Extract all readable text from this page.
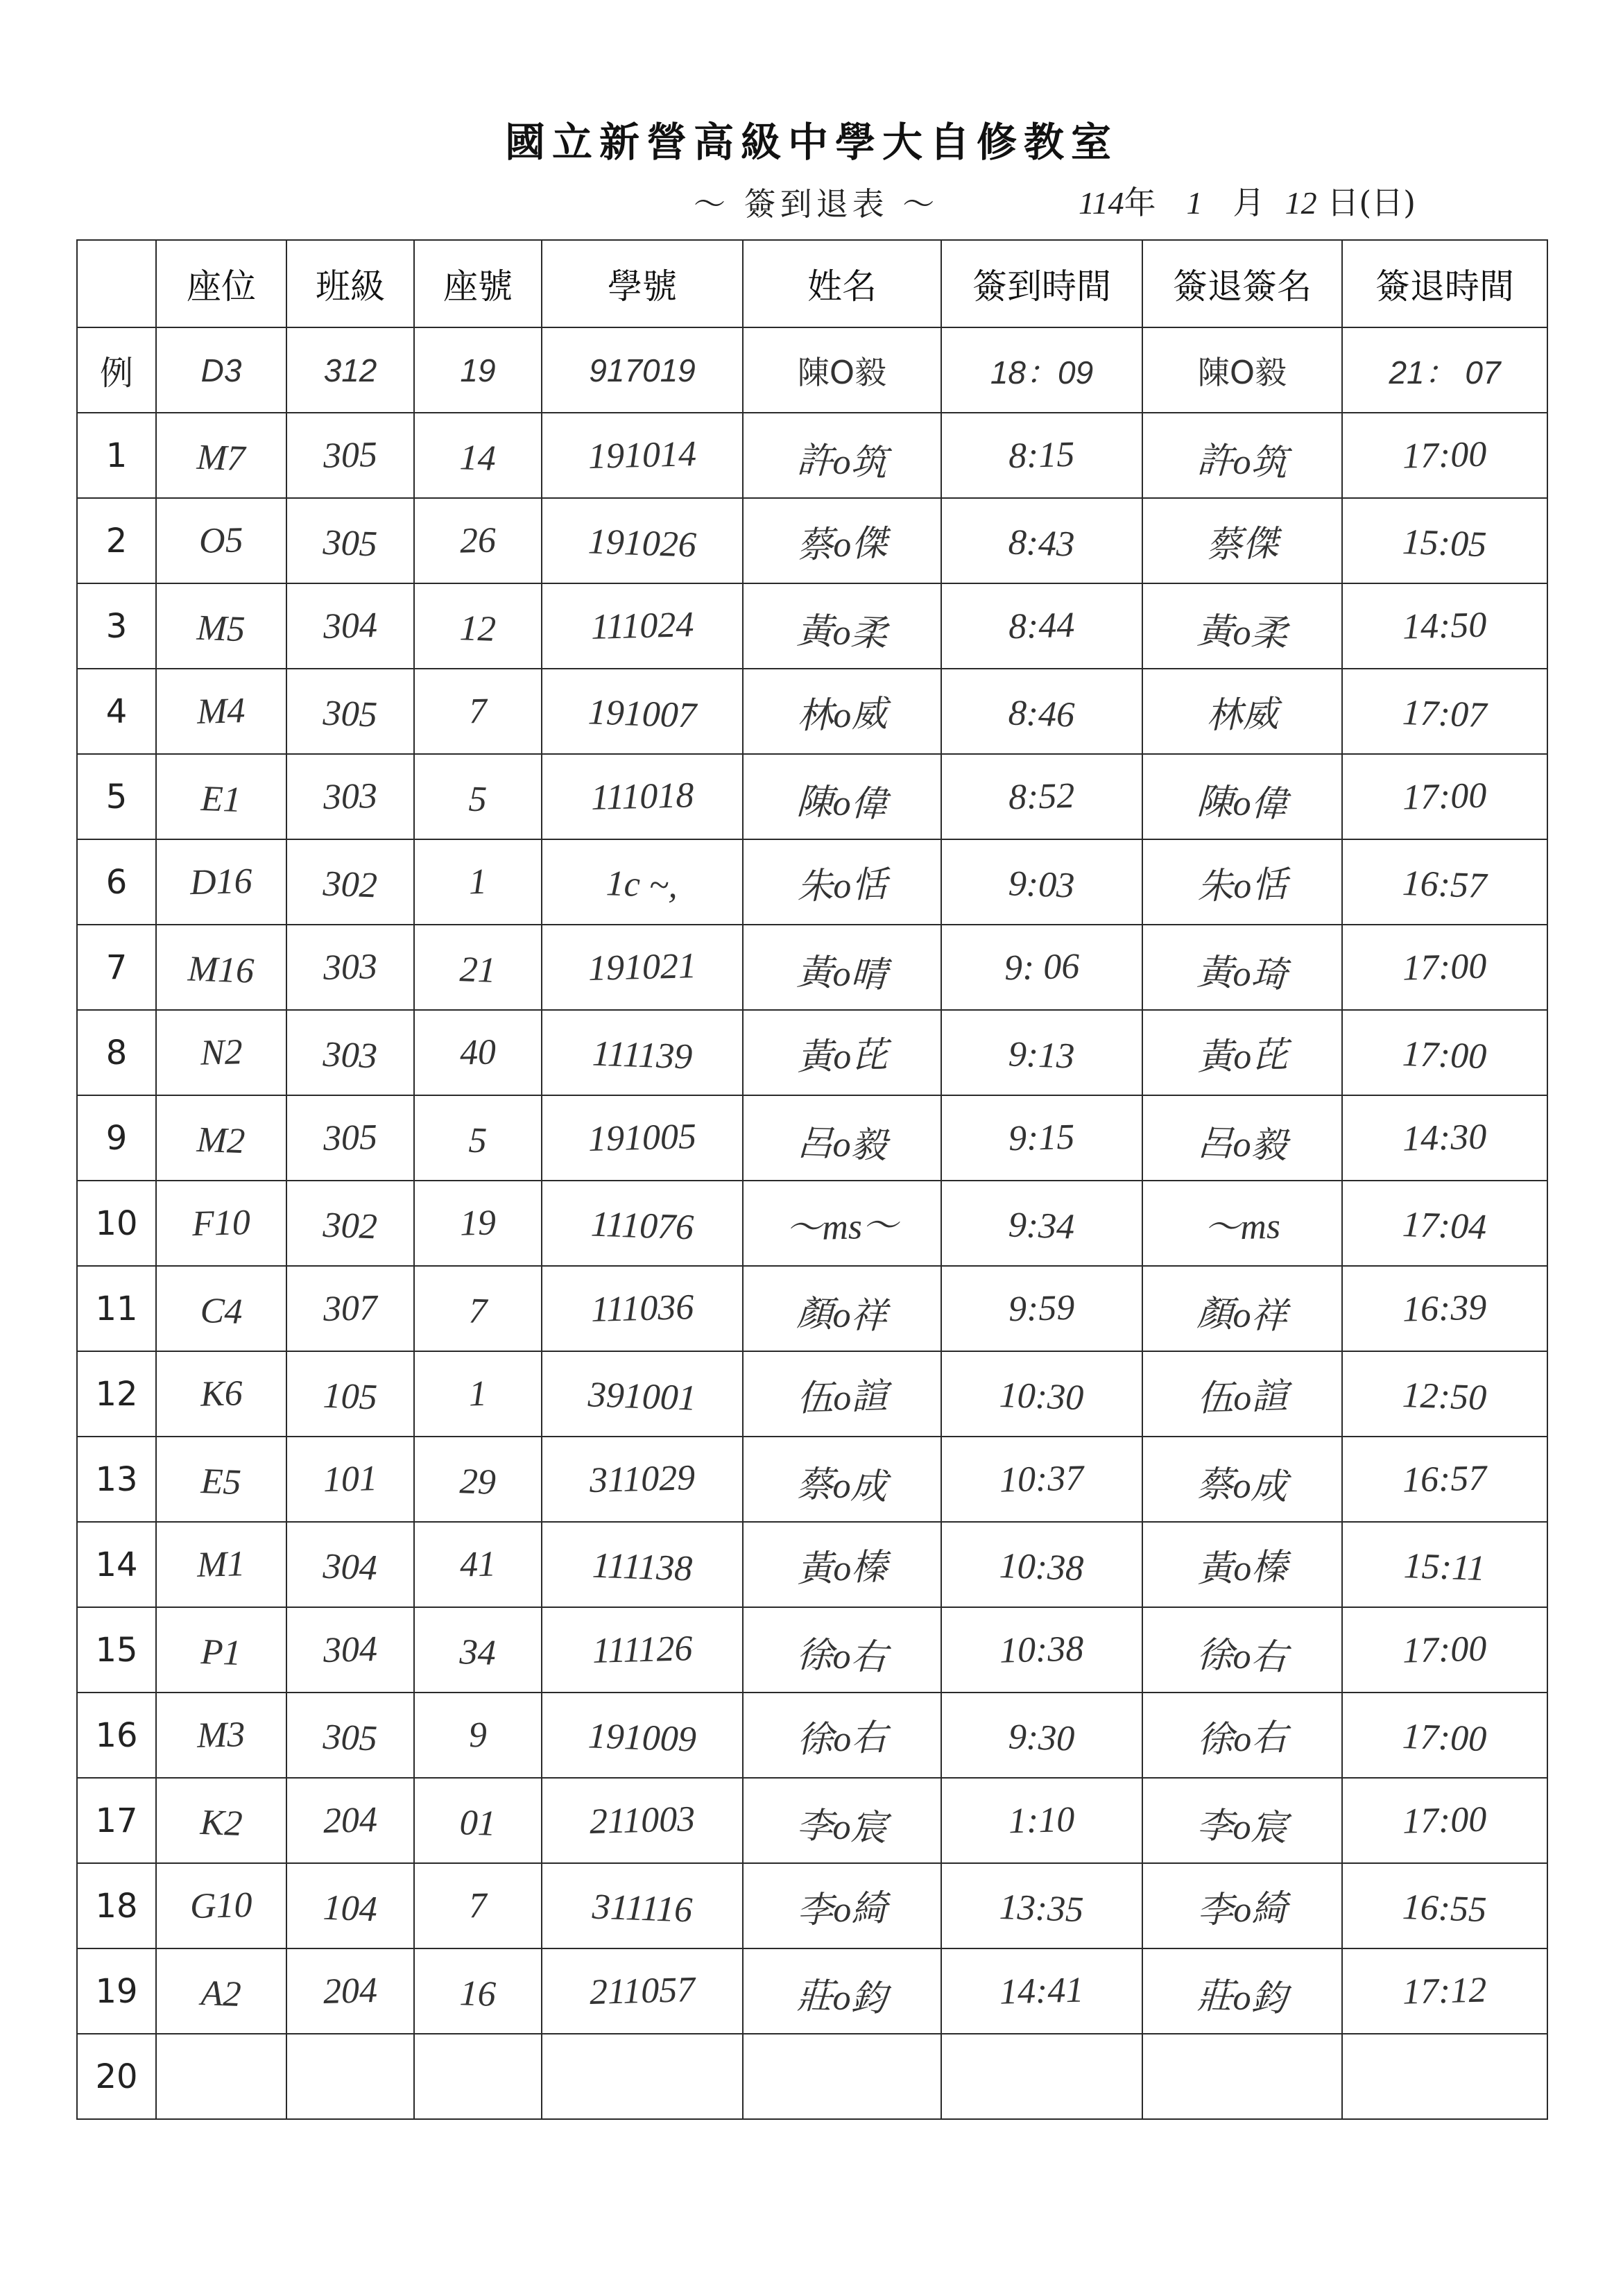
國立新營高級中學大自修教室
～ 簽到退表 ～	114年 1 月 12 日(日)
	座位	班級	座號	學號	姓名	簽到時間	簽退簽名	簽退時間
例	D3	312	19	917019	陳O毅	18：09	陳O毅	21： 07
1	M7	305	14	191014	許o筑	8:15	許o筑	17:00
2	O5	305	26	191026	蔡o傑	8:43	蔡傑	15:05
3	M5	304	12	111024	黃o柔	8:44	黃o柔	14:50
4	M4	305	7	191007	林o威	8:46	林威	17:07
5	E1	303	5	111018	陳o偉	8:52	陳o偉	17:00
6	D16	302	1	1c ~,	朱o恬	9:03	朱o恬	16:57
7	M16	303	21	191021	黃o晴	9: 06	黃o琦	17:00
8	N2	303	40	111139	黃o芘	9:13	黃o芘	17:00
9	M2	305	5	191005	呂o毅	9:15	呂o毅	14:30
10	F10	302	19	111076	～ms～	9:34	～ms	17:04
11	C4	307	7	111036	顏o祥	9:59	顏o祥	16:39
12	K6	105	1	391001	伍o諠	10:30	伍o諠	12:50
13	E5	101	29	311029	蔡o成	10:37	蔡o成	16:57
14	M1	304	41	111138	黃o榛	10:38	黃o榛	15:11
15	P1	304	34	111126	徐o右	10:38	徐o右	17:00
16	M3	305	9	191009	徐o右	9:30	徐o右	17:00
17	K2	204	01	211003	李o宸	1:10	李o宸	17:00
18	G10	104	7	311116	李o綺	13:35	李o綺	16:55
19	A2	204	16	211057	莊o鈞	14:41	莊o鈞	17:12
20								
